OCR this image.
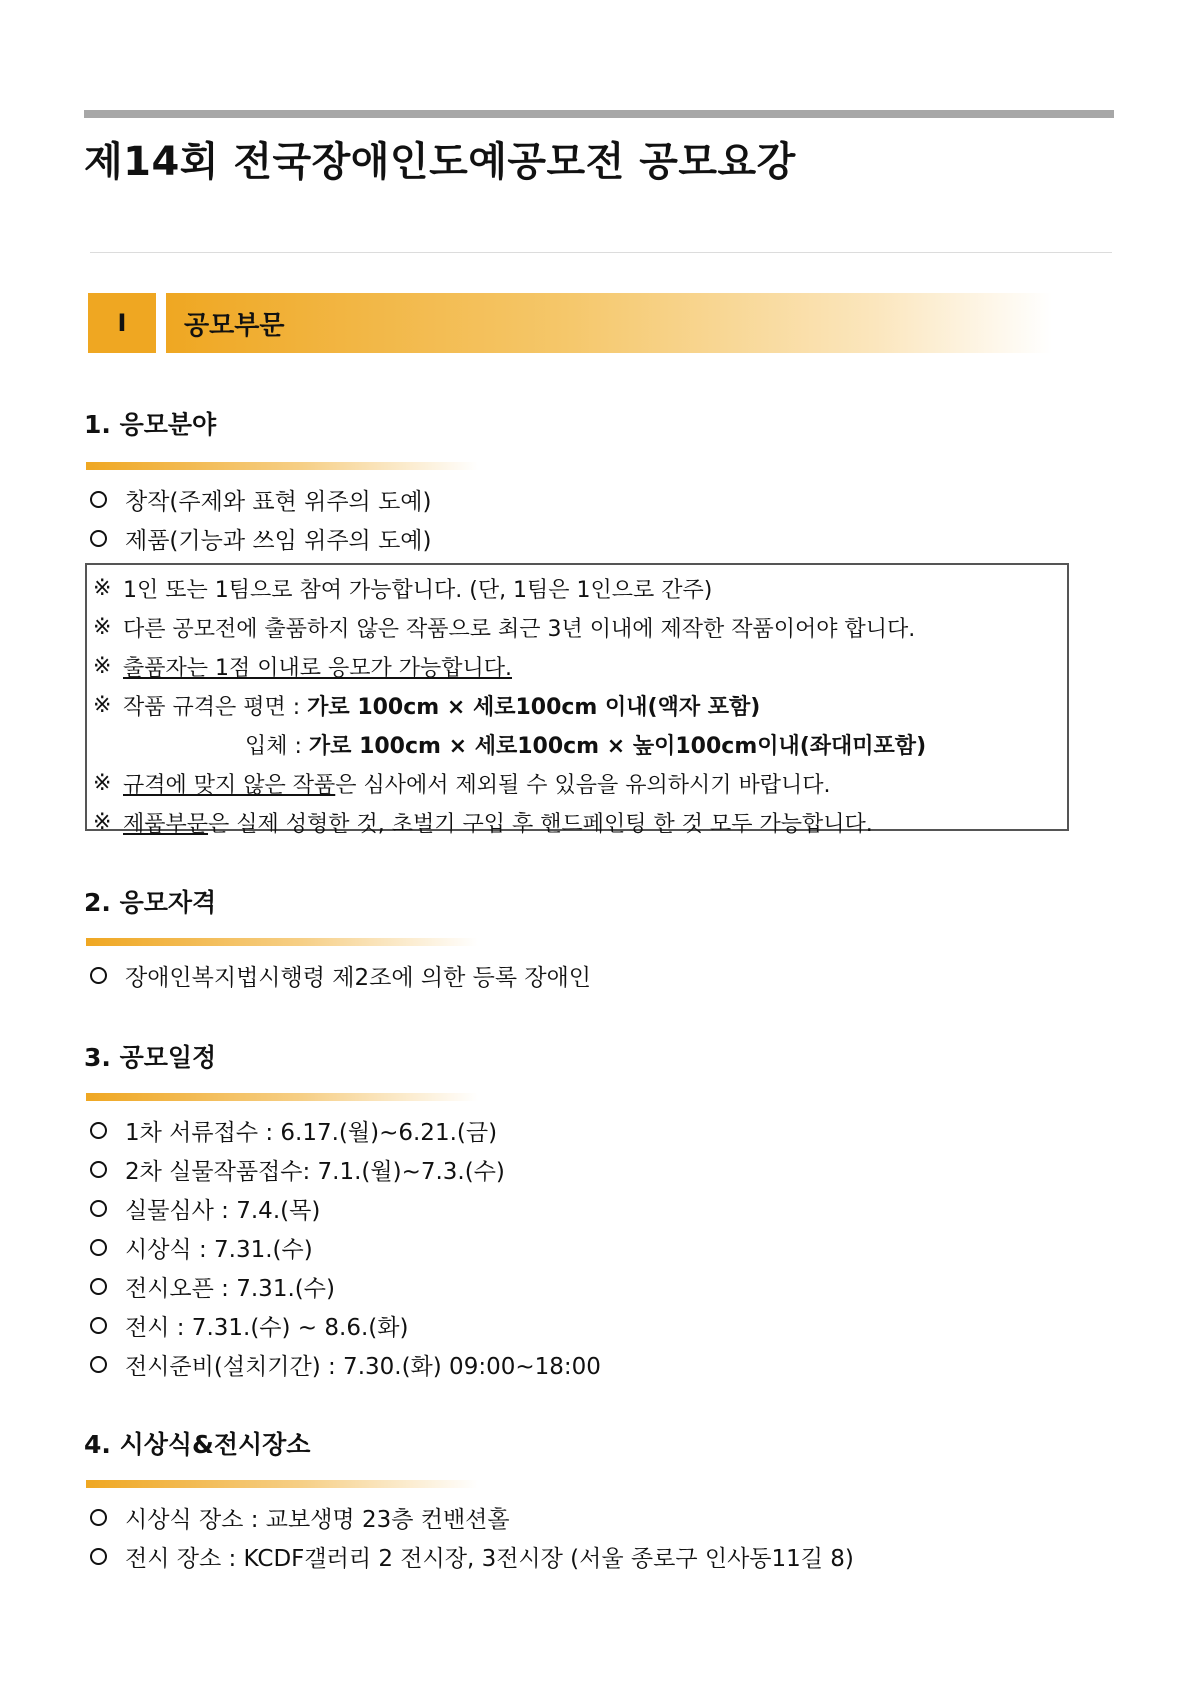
제14회 전국장애인도예공모전 공모요강
I	공모부문
1. 응모분야
창작(주제와 표현 위주의 도예)
제품(기능과 쓰임 위주의 도예)
※ 1인 또는 1팀으로 참여 가능합니다. (단, 1팀은 1인으로 간주)
※ 다른 공모전에 출품하지 않은 작품으로 최근 3년 이내에 제작한 작품이어야 합니다.
※ 출품자는 1점 이내로 응모가 가능합니다.
※ 작품 규격은 평면 : 가로 100cm × 세로100cm 이내(액자 포함)
입체 : 가로 100cm × 세로100cm × 높이100cm이내(좌대미포함)
※ 규격에 맞지 않은 작품 은 심사에서 제외될 수 있음을 유의하시기 바랍니다.
※ 제품부문 은 실제 성형한 것, 초벌기 구입 후 핸드페인팅 한 것 모두 가능합니다.
2. 응모자격
장애인복지법시행령 제2조에 의한 등록 장애인
3. 공모일정
1차 서류접수 : 6.17.(월)~6.21.(금)
2차 실물작품접수: 7.1.(월)~7.3.(수)
실물심사 : 7.4.(목)
시상식 : 7.31.(수)
전시오픈 : 7.31.(수)
전시 : 7.31.(수) ~ 8.6.(화)
전시준비(설치기간) : 7.30.(화) 09:00~18:00
4. 시상식&전시장소
시상식 장소 : 교보생명 23층 컨밴션홀
전시 장소 : KCDF갤러리 2 전시장, 3전시장 (서울 종로구 인사동11길 8)
